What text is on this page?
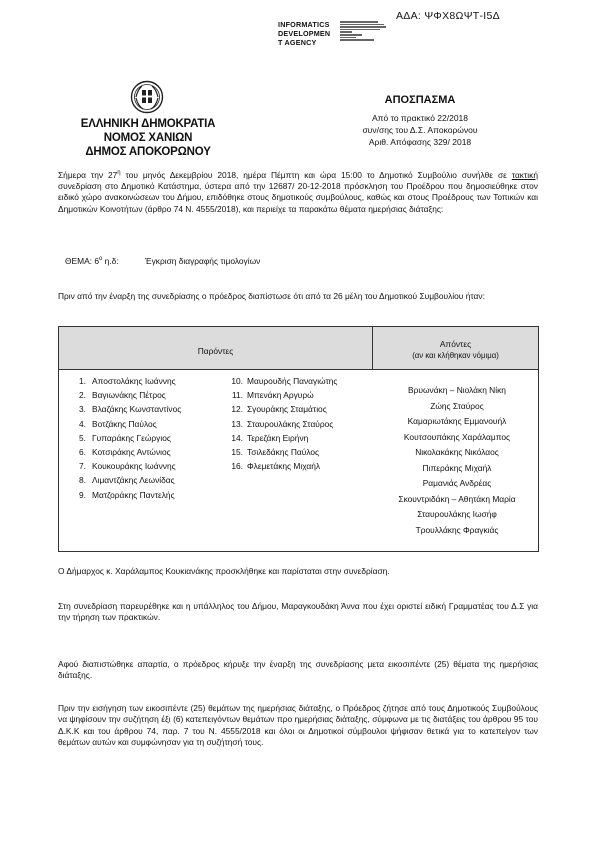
ΑΔΑ: ΨΦΧ8ΩΨΤ-Ι5Δ
INFORMATICS
DEVELOPMEN
T AGENCY
ΕΛΛΗΝΙΚΗ ΔΗΜΟΚΡΑΤΙΑ
ΝΟΜΟΣ ΧΑΝΙΩΝ
ΔΗΜΟΣ ΑΠΟΚΟΡΩΝΟΥ
ΑΠΟΣΠΑΣΜΑ
Από το πρακτικό 22/2018
συν/σης του Δ.Σ. Αποκορώνου
Αριθ. Απόφασης 329/ 2018
Σήμερα την $27^\eta$ του μηνός Δεκεμβρίου 2018, ημέρα Πέμπτη και ώρα 15:00 το Δημοτικό Συμβούλιο συνήλθε σε τακτική συνεδρίαση στο Δημοτικό Κατάστημα, ύστερα από την 12687/ 20-12-2018 πρόσκληση του Προέδρου που δημοσιεύθηκε στον ειδικό χώρο ανακοινώσεων του Δήμου, επιδόθηκε στους δημοτικούς συμβούλους, καθώς και στους Προέδρους των Τοπικών και Δημοτικών Κοινοτήτων (άρθρο 74 Ν. 4555/2018), και περιείχε τα παρακάτω θέματα ημερήσιας διάταξης:
ΘΕΜΑ: $6^o$ η.δ:	Έγκριση διαγραφής τιμολογίων
Πριν από την έναρξη της συνεδρίασης ο πρόεδρος διαπίστωσε ότι από τα 26 μέλη του Δημοτικού Συμβουλίου ήταν:
Παρόντες
Απόντες
(αν και κλήθηκαν νόμιμα)
1. Αποστολάκης Ιωάννης
2. Βαγιωνάκης Πέτρος
3. Βλαζάκης Κωνσταντίνος
4. Βοτζάκης Παύλος
5. Γυπαράκης Γεώργιος
6. Κοτσιράκης Αντώνιος
7. Κουκουράκης Ιωάννης
8. Λιμαντζάκης Λεωνίδας
9. Ματζοράκης Παντελής
10. Μαυρουδής Παναγιώτης
11. Μπενάκη Αργυρώ
12. Σγουράκης Σταμάτιος
13. Σταυρουλάκης Σταύρος
14. Τερεζάκη Ειρήνη
15. Τσιλεδάκης Παύλος
16. Φλεμετάκης Μιχαήλ
Βρυωνάκη – Νιολάκη Νίκη
Ζώης Σταύρος
Καμαριωτάκης Εμμανουήλ
Κουτσουπάκης Χαράλαμπος
Νικολακάκης Νικόλαος
Πιπεράκης Μιχαήλ
Ραμανιάς Ανδρέας
Σκουντριδάκη – Αθητάκη Μαρία
Σταυρουλάκης Ιωσήφ
Τρουλλάκης Φραγκιάς
Ο Δήμαρχος κ. Χαράλαμπος Κουκιανάκης προσκλήθηκε και παρίσταται στην συνεδρίαση.
Στη συνεδρίαση παρευρέθηκε και η υπάλληλος του Δήμου, Μαραγκουδάκη Άννα που έχει οριστεί ειδική Γραμματέας του Δ.Σ για την τήρηση των πρακτικών.
Αφού διαπιστώθηκε απαρτία, ο πρόεδρος κήρυξε την έναρξη της συνεδρίασης μετα εικοσιπέντε (25) θέματα της ημερήσιας διάταξης.
Πριν την εισήγηση των εικοσιπέντε (25) θεμάτων της ημερήσιας διάταξης, ο Πρόεδρος ζήτησε από τους Δημοτικούς Συμβούλους να ψηφίσουν την συζήτηση έξι (6) κατεπειγόντων θεμάτων προ ημερήσιας διάταξης, σύμφωνα με τις διατάξεις του άρθρου 95 του Δ.Κ.Κ και του άρθρου 74, παρ. 7 του Ν. 4555/2018 και όλοι οι Δημοτικοί σύμβουλοι ψήφισαν θετικά για το κατεπείγον των θεμάτων αυτών και συμφώνησαν για τη συζήτησή τους.
